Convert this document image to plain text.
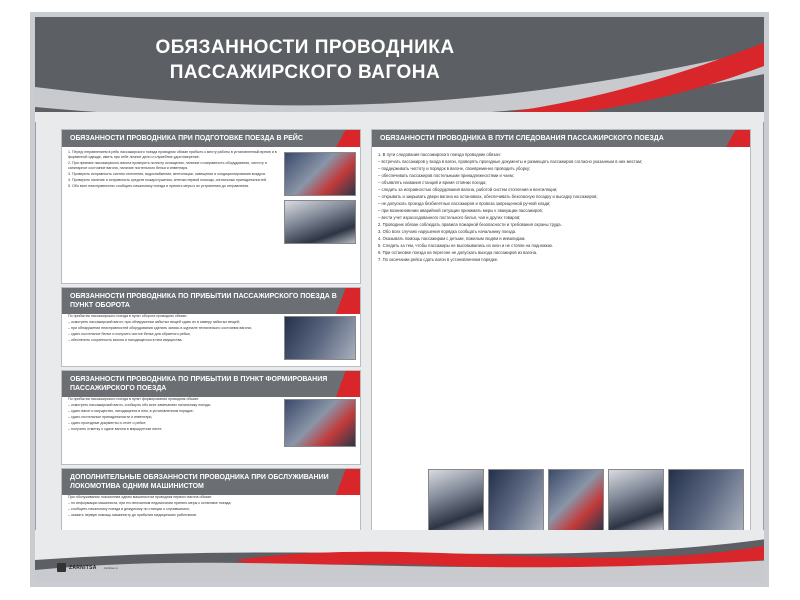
ОБЯЗАННОСТИ ПРОВОДНИКА ПАССАЖИРСКОГО ВАГОНА
ОБЯЗАННОСТИ ПРОВОДНИКА ПРИ ПОДГОТОВКЕ ПОЕЗДА В РЕЙС

1. Перед отправлением в рейс пассажирского поезда проводник обязан прибыть к месту работы в установленный время и в форменной одежде, иметь при себе личное дело и служебное удостоверение.

2. При приемке пассажирского вагона проверить полноту оснащения, наличие и исправность оборудования, чистоту и санитарное состояние вагона, наличие постельного белья и инвентаря.

3. Проверить исправность систем отопления, водоснабжения, вентиляции, освещения и кондиционирования воздуха.

4. Проверить наличие и исправность средств пожаротушения, аптечки первой помощи, сигнальных принадлежностей.

5. Обо всех неисправностях сообщить начальнику поезда и принять меры к их устранению до отправления.

ОБЯЗАННОСТИ ПРОВОДНИКА ПО ПРИБЫТИИ ПАССАЖИРСКОГО ПОЕЗДА В ПУНКТ ОБОРОТА

По прибытии пассажирского поезда в пункт оборота проводник обязан:

– осмотреть пассажирский вагон; при обнаружении забытых вещей сдать их в камеру забытых вещей;

– при обнаружении неисправностей оборудования сделать запись в журнале технического состояния вагона;

– сдать постельное белье и получить чистое белье для обратного рейса;

– обеспечить сохранность вагона и находящегося в нем имущества.

ОБЯЗАННОСТИ ПРОВОДНИКА ПО ПРИБЫТИИ В ПУНКТ ФОРМИРОВАНИЯ ПАССАЖИРСКОГО ПОЕЗДА

По прибытии пассажирского поезда в пункт формирования проводник обязан:

– осмотреть пассажирский вагон, сообщить обо всех замечаниях начальнику поезда;

– сдать вагон и имущество, находящееся в нем, в установленном порядке;

– сдать постельные принадлежности и инвентарь;

– сдать проездные документы и отчет о рейсе;

– получить отметку о сдаче вагона в маршрутном листе.

ДОПОЛНИТЕЛЬНЫЕ ОБЯЗАННОСТИ ПРОВОДНИКА ПРИ ОБСЛУЖИВАНИИ ЛОКОМОТИВА ОДНИМ МАШИНИСТОМ

При обслуживании локомотива одним машинистом проводник первого вагона обязан:

– по информации машиниста, при его внезапном недомогании принять меры к остановке поезда;

– сообщить начальнику поезда и дежурному по станции о случившемся;

– оказать первую помощь машинисту до прибытия медицинских работников.

ОБЯЗАННОСТИ ПРОВОДНИКА В ПУТИ СЛЕДОВАНИЯ ПАССАЖИРСКОГО ПОЕЗДА

1. В пути следования пассажирского поезда проводник обязан:

– встречать пассажиров у входа в вагон, проверять проездные документы и размещать пассажиров согласно указанным в них местам;

– поддерживать чистоту и порядок в вагоне, своевременно проводить уборку;

– обеспечивать пассажиров постельными принадлежностями и чаем;

– объявлять названия станций и время стоянки поезда;

– следить за исправностью оборудования вагона, работой систем отопления и вентиляции;

– открывать и закрывать двери вагона на остановках, обеспечивать безопасную посадку и высадку пассажиров;

– не допускать проезда безбилетных пассажиров и провоза запрещенной ручной клади;

– при возникновении аварийной ситуации принимать меры к эвакуации пассажиров;

– вести учет израсходованного постельного белья, чая и других товаров;

2. Проводник обязан соблюдать правила пожарной безопасности и требования охраны труда.

3. Обо всех случаях нарушения порядка сообщать начальнику поезда.

4. Оказывать помощь пассажирам с детьми, пожилым людям и инвалидам.

5. Следить за тем, чтобы пассажиры не высовывались из окон и не стояли на подножках.

6. При остановке поезда на перегоне не допускать выхода пассажиров из вагона.

7. По окончании рейса сдать вагон в установленном порядке.

ZARNITSA zarnitsa.ru
